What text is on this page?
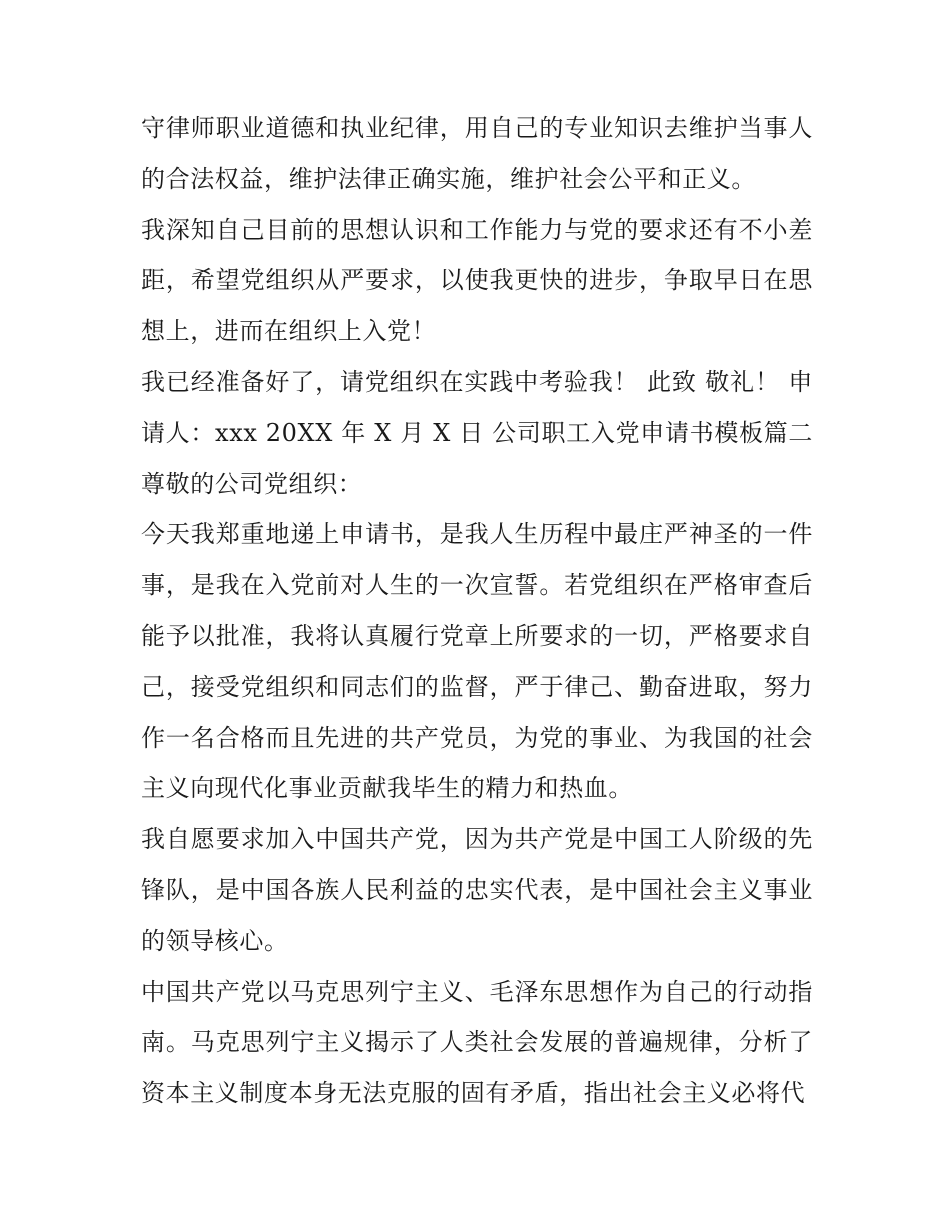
守律师职业道德和执业纪律，用自己的专业知识去维护当事人的合法权益，维护法律正确实施，维护社会公平和正义。

我深知自己目前的思想认识和工作能力与党的要求还有不小差距，希望党组织从严要求，以使我更快的进步，争取早日在思想上，进而在组织上入党！

我已经准备好了，请党组织在实践中考验我！ 此致 敬礼！ 申请人：xxx 20XX 年 X 月 X 日 公司职工入党申请书模板篇二 尊敬的公司党组织：

今天我郑重地递上申请书，是我人生历程中最庄严神圣的一件事，是我在入党前对人生的一次宣誓。若党组织在严格审查后能予以批准，我将认真履行党章上所要求的一切，严格要求自己，接受党组织和同志们的监督，严于律己、勤奋进取，努力作一名合格而且先进的共产党员，为党的事业、为我国的社会主义向现代化事业贡献我毕生的精力和热血。

我自愿要求加入中国共产党，因为共产党是中国工人阶级的先锋队，是中国各族人民利益的忠实代表，是中国社会主义事业的领导核心。

中国共产党以马克思列宁主义、毛泽东思想作为自己的行动指南。马克思列宁主义揭示了人类社会发展的普遍规律，分析了资本主义制度本身无法克服的固有矛盾，指出社会主义必将代
